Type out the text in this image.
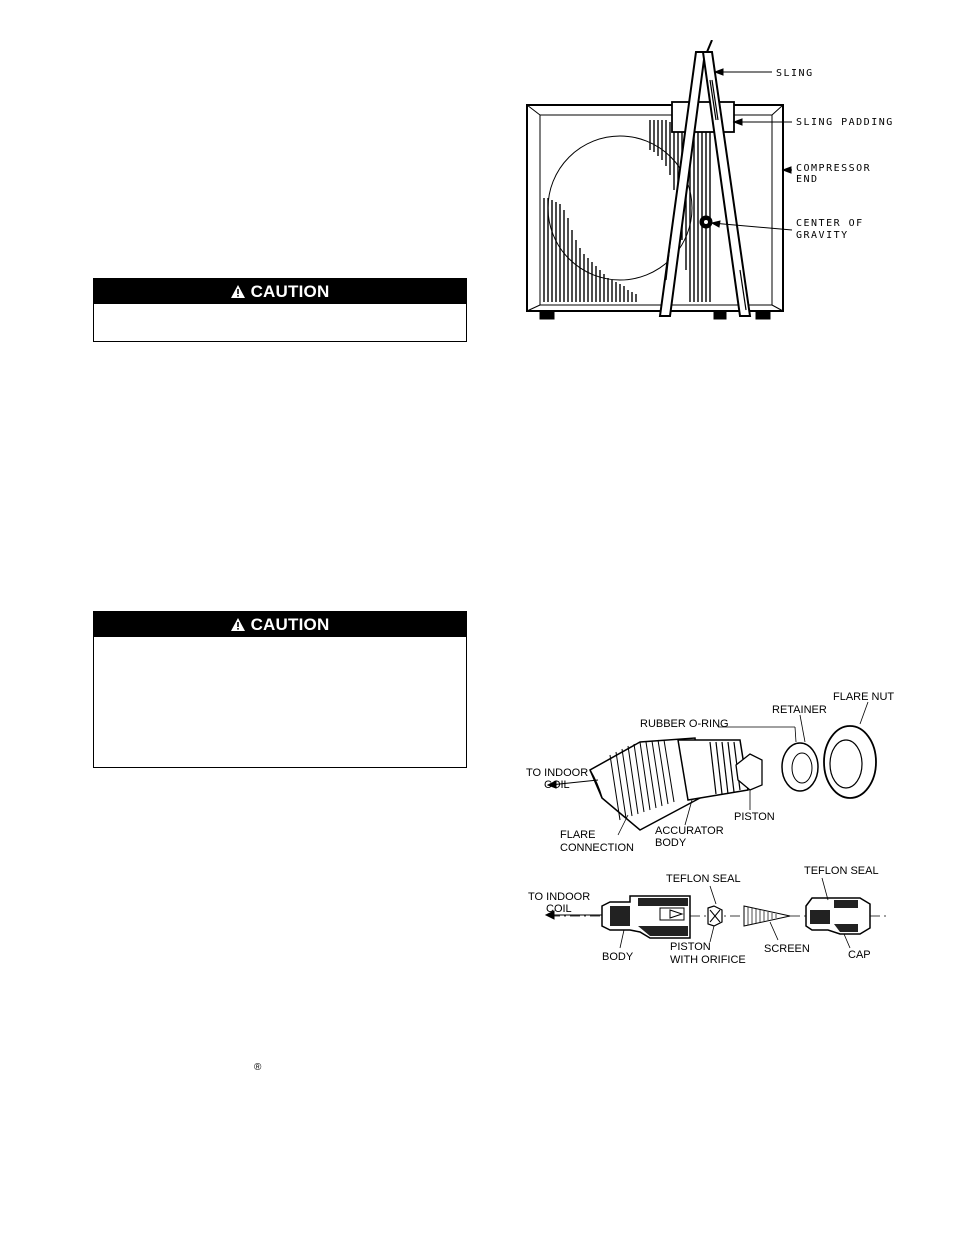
CAUTION
CAUTION
®
SLING
SLING PADDING
COMPRESSOR
END
CENTER OF
GRAVITY
FLARE NUT
RETAINER
RUBBER O-RING
TO INDOOR
COIL
PISTON
ACCURATOR
BODY
FLARE
CONNECTION
TEFLON SEAL
TEFLON SEAL
TO INDOOR
COIL
BODY
PISTON
WITH ORIFICE
SCREEN	CAP
